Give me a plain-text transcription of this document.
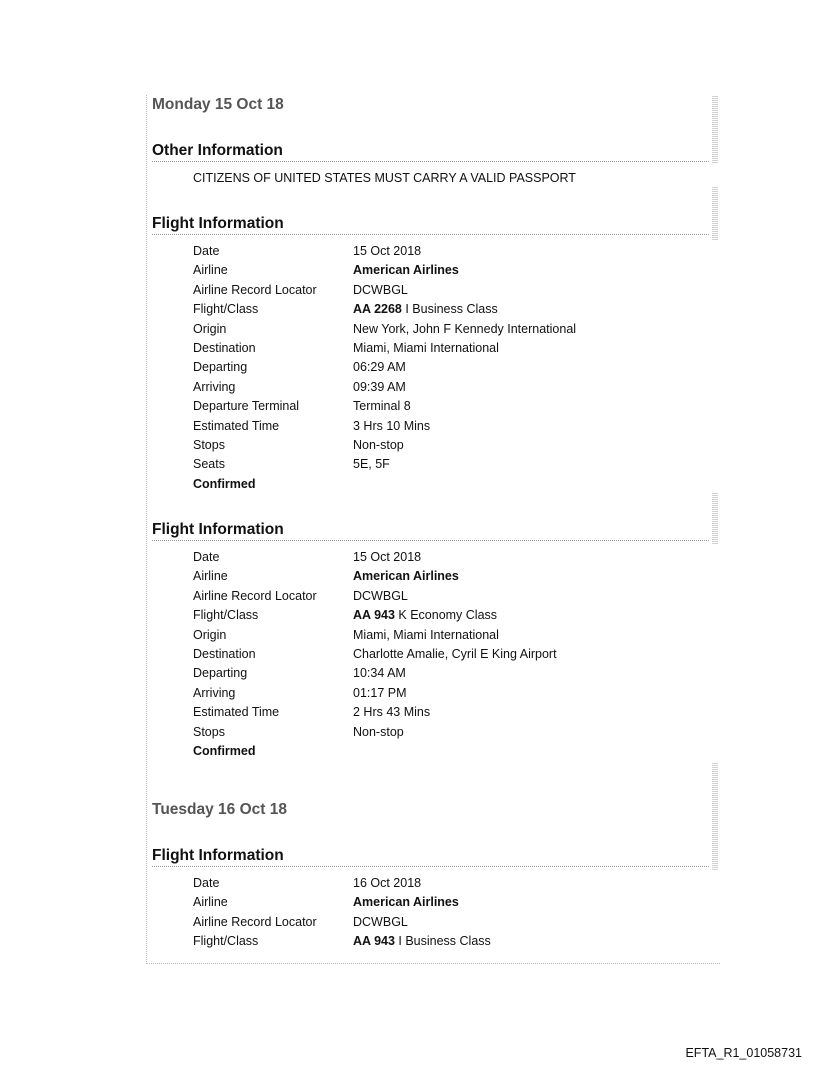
Monday 15 Oct 18
Other Information
CITIZENS OF UNITED STATES MUST CARRY A VALID PASSPORT
Flight Information
Date	15 Oct 2018
Airline	American Airlines
Airline Record Locator	DCWBGL
Flight/Class	AA 2268 I Business Class
Origin	New York, John F Kennedy International
Destination	Miami, Miami International
Departing	06:29 AM
Arriving	09:39 AM
Departure Terminal	Terminal 8
Estimated Time	3 Hrs 10 Mins
Stops	Non-stop
Seats	5E, 5F
Confirmed
Flight Information
Date	15 Oct 2018
Airline	American Airlines
Airline Record Locator	DCWBGL
Flight/Class	AA 943 K Economy Class
Origin	Miami, Miami International
Destination	Charlotte Amalie, Cyril E King Airport
Departing	10:34 AM
Arriving	01:17 PM
Estimated Time	2 Hrs 43 Mins
Stops	Non-stop
Confirmed
Tuesday 16 Oct 18
Flight Information
Date	16 Oct 2018
Airline	American Airlines
Airline Record Locator	DCWBGL
Flight/Class	AA 943 I Business Class
EFTA_R1_01058731
